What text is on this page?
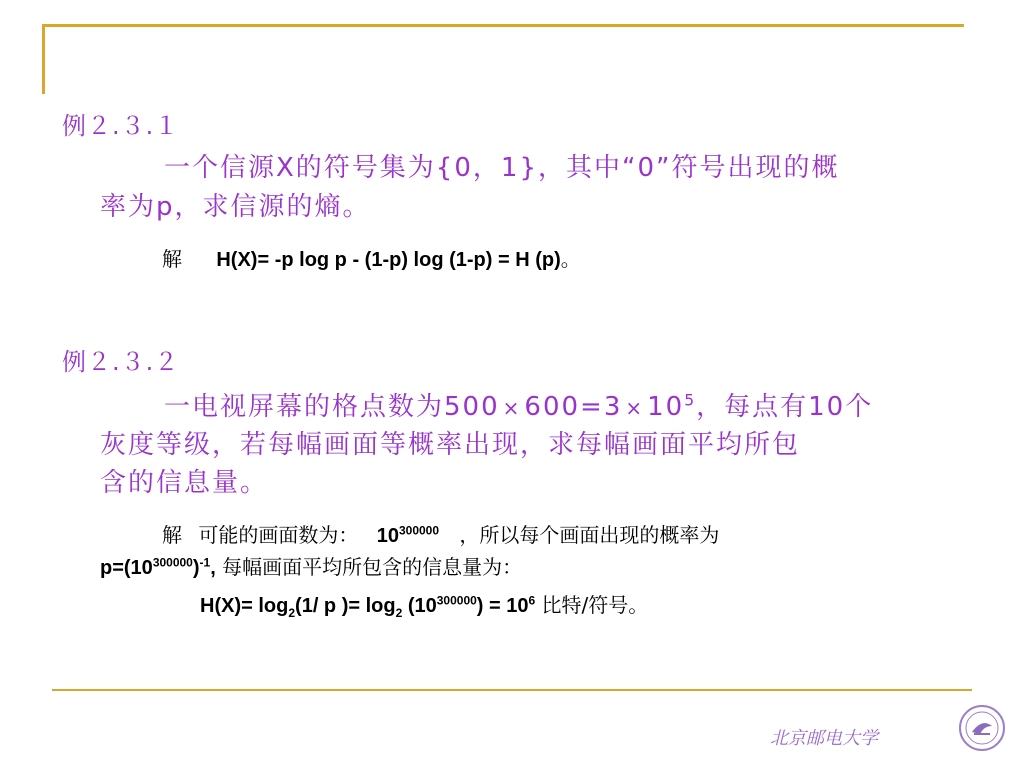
例２.３.１
一个信源X的符号集为{0，1}，其中“0”符号出现的概
率为p，求信源的熵。
解 H(X)= -p log p - (1-p) log (1-p) = H (p)。
例２.３.２
一电视屏幕的格点数为$500 \times 600=3 \times 10^5$，每点有10个
灰度等级，若每幅画面等概率出现，求每幅画面平均所包
含的信息量。
解 可能的画面数为： $10^{300000}$ ，所以每个画面出现的概率为
$p=(10^{300000})^{-1}$, 每幅画面平均所包含的信息量为：
$H(X)= \log_2(1/$ p )= $\log_2 (10^{300000}) = 10^6$ 比特/符号。
北京邮电大学
